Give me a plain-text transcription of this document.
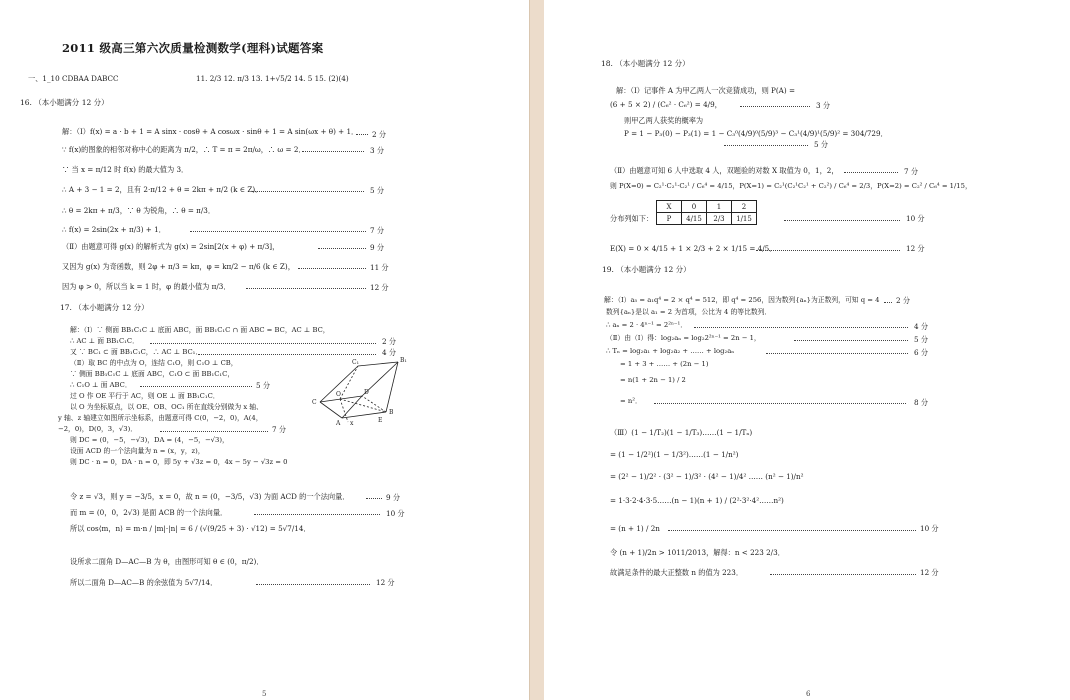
2011 级高三第六次质量检测数学(理科)试题答案
一、1_10 CDBAA DABCC	11. 2/3 12. π/3 13. 1+√5/2 14. 5 15. (2)(4)
16. （本小题满分 12 分）
解：（Ⅰ）f(x) = a · b + 1 = A sinx · cosθ + A cosωx · sinθ + 1 = A sin(ωx + θ) + 1． 2 分
∵ f(x)的图象的相邻对称中心的距离为 π/2，∴ T = π = 2π/ω，∴ ω = 2．	3 分
∵ 当 x = π/12 时 f(x) 的最大值为 3．
∴ A + 3 − 1 = 2，且有 2·π/12 + θ = 2kπ + π/2 (k ∈ Z)．	5 分
∴ θ = 2kπ + π/3，∵ θ 为锐角，∴ θ = π/3．
∴ f(x) = 2sin(2x + π/3) + 1．	7 分
（Ⅱ）由题意可得 g(x) 的解析式为 g(x) = 2sin[2(x + φ) + π/3]，	9 分
又因为 g(x) 为奇函数，则 2φ + π/3 = kπ，φ = kπ/2 − π/6 (k ∈ Z)，	11 分
因为 φ > 0，所以当 k = 1 时，φ 的最小值为 π/3．	12 分
17. （本小题满分 12 分）
解：（Ⅰ）∵ 侧面 BB₁C₁C ⊥ 底面 ABC，面 BB₁C₁C ∩ 面 ABC = BC，AC ⊥ BC，
∴ AC ⊥ 面 BB₁C₁C．	2 分
又 ∵ BC₁ ⊂ 面 BB₁C₁C，∴ AC ⊥ BC₁．	4 分
（Ⅱ）取 BC 的中点为 O，连结 C₁O，则 C₁O ⊥ CB，
∵ 侧面 BB₁C₁C ⊥ 底面 ABC，C₁O ⊂ 面 BB₁C₁C，
∴ C₁O ⊥ 面 ABC．	5 分
过 O 作 OE 平行于 AC，则 OE ⊥ 面 BB₁C₁C．
以 O 为坐标原点，以 OE、OB、OC₁ 所在直线分别做为 x 轴、
y 轴、z 轴建立如图所示坐标系，由题意可得 C(0，−2，0)，A(4，
−2，0)，D(0，3，√3)．	7 分
则 DC = (0，−5，−√3)，DA = (4，−5，−√3)，
设面 ACD 的一个法向量为 n = (x，y，z)，
则 DC · n = 0，DA · n = 0，即 5y + √3z = 0，4x − 5y − √3z = 0
C₁	B₁
A
C
O
B
E
D
x
令 z = √3，则 y = −3/5，x = 0，故 n = (0，−3/5，√3) 为面 ACD 的一个法向量．	9 分
而 m = (0，0，2√3) 是面 ACB 的一个法向量．	10 分
所以 cos⟨m，n⟩ = m·n / |m|·|n| = 6 / (√(9/25 + 3) · √12) = 5√7/14．
设所求二面角 D—AC—B 为 θ，由图形可知 θ ∈ (0，π/2)．
所以二面角 D—AC—B 的余弦值为 5√7/14．	12 分
5
18. （本小题满分 12 分）
解：（Ⅰ）记事件 A 为甲乙两人一次竞猜成功，则 P(A) =
(6 + 5 × 2) / (C₆² · C₆²) = 4/9，	3 分
则甲乙两人获奖的概率为
P = 1 − P₃(0) − P₃(1) = 1 − C₃⁰(4/9)⁰(5/9)³ − C₃¹(4/9)¹(5/9)² = 304/729．
5 分
（Ⅱ）由题意可知 6 人中选取 4 人，双题验的对数 X 取值为 0，1，2，	7 分
则 P(X=0) = C₂¹·C₂¹·C₂¹ / C₆⁴ = 4/15，P(X=1) = C₂¹(C₂¹C₂¹ + C₂²) / C₆⁴ = 2/3，P(X=2) = C₂² / C₆⁴ = 1/15，
分布列如下：
X	0	1	2
P	4/15	2/3	1/15	10 分
E(X) = 0 × 4/15 + 1 × 2/3 + 2 × 1/15 = 4/5．	12 分
19. （本小题满分 12 分）
解：（Ⅰ）a₅ = a₁q⁴ = 2 × q⁴ = 512，即 q⁴ = 256，因为数列{aₙ}为正数列，可知 q = 4 2 分
数列{aₙ}是以 a₁ = 2 为首项，公比为 4 的等比数列．
∴ aₙ = 2 · 4ⁿ⁻¹ = 2²ⁿ⁻¹．	4 分
（Ⅱ）由（Ⅰ）得：log₂aₙ = log₂2²ⁿ⁻¹ = 2n − 1，	5 分
∴ Tₙ = log₂a₁ + log₂a₂ + …… + log₂aₙ	6 分
= 1 + 3 + …… + (2n − 1)
= n(1 + 2n − 1) / 2
= n²．	8 分
（Ⅲ）(1 − 1/T₂)(1 − 1/T₃)……(1 − 1/Tₙ)
= (1 − 1/2²)(1 − 1/3²)……(1 − 1/n²)
= (2² − 1)/2² · (3² − 1)/3² · (4² − 1)/4² …… (n² − 1)/n²
= 1·3·2·4·3·5……(n − 1)(n + 1) / (2²·3²·4²……n²)
= (n + 1) / 2n	10 分
令 (n + 1)/2n > 1011/2013，解得：n < 223 2/3．
故满足条件的最大正整数 n 的值为 223．	12 分
6
